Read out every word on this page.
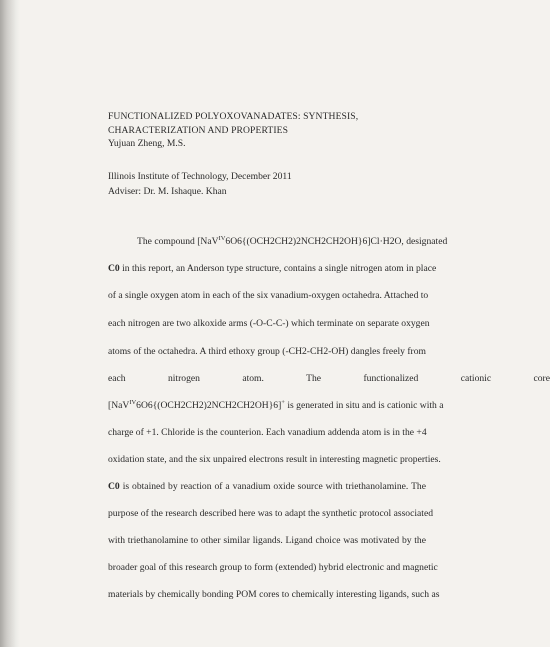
FUNCTIONALIZED POLYOXOVANADATES: SYNTHESIS,
CHARACTERIZATION AND PROPERTIES
Yujuan Zheng, M.S.
Illinois Institute of Technology, December 2011
Adviser: Dr. M. Ishaque. Khan
The compound [NaV$^{IV}$6O6{(OCH2CH2)2NCH2CH2OH}6]Cl·H2O, designated
C0 in this report, an Anderson type structure, contains a single nitrogen atom in place
of a single oxygen atom in each of the six vanadium-oxygen octahedra. Attached to
each nitrogen are two alkoxide arms (-O-C-C-) which terminate on separate oxygen
atoms of the octahedra. A third ethoxy group (-CH2-CH2-OH) dangles freely from
each nitrogen atom. The functionalized cationic core
[NaV$^{IV}$6O6{(OCH2CH2)2NCH2CH2OH}6]+ is generated in situ and is cationic with a
charge of +1. Chloride is the counterion. Each vanadium addenda atom is in the +4
oxidation state, and the six unpaired electrons result in interesting magnetic properties.
C0 is obtained by reaction of a vanadium oxide source with triethanolamine. The
purpose of the research described here was to adapt the synthetic protocol associated
with triethanolamine to other similar ligands. Ligand choice was motivated by the
broader goal of this research group to form (extended) hybrid electronic and magnetic
materials by chemically bonding POM cores to chemically interesting ligands, such as
